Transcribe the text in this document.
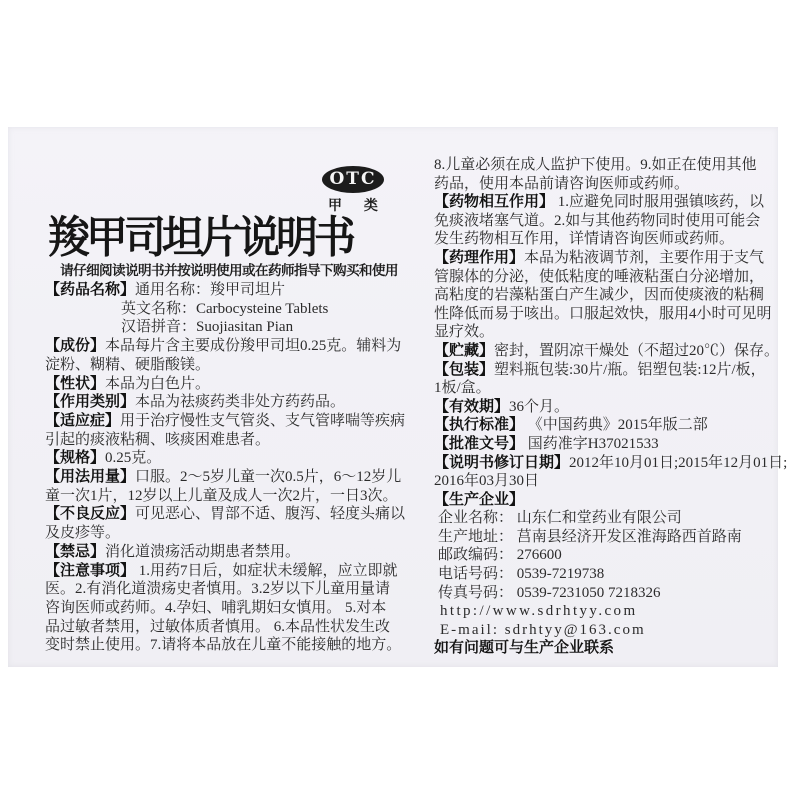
OTC
甲 类
羧甲司坦片说明书
请仔细阅读说明书并按说明使用或在药师指导下购买和使用
【药品名称】通用名称：羧甲司坦片
英文名称：Carbocysteine Tablets
汉语拼音：Suojiasitan Pian
【成份】本品每片含主要成份羧甲司坦0.25克。辅料为
淀粉、糊精、硬脂酸镁。
【性状】本品为白色片。
【作用类别】本品为祛痰药类非处方药药品。
【适应症】用于治疗慢性支气管炎、支气管哮喘等疾病
引起的痰液粘稠、咳痰困难患者。
【规格】0.25克。
【用法用量】口服。2～5岁儿童一次0.5片，6～12岁儿
童一次1片，12岁以上儿童及成人一次2片，一日3次。
【不良反应】可见恶心、胃部不适、腹泻、轻度头痛以
及皮疹等。
【禁忌】消化道溃疡活动期患者禁用。
【注意事项】 1.用药7日后，如症状未缓解，应立即就
医。2.有消化道溃疡史者慎用。3.2岁以下儿童用量请
咨询医师或药师。4.孕妇、哺乳期妇女慎用。 5.对本
品过敏者禁用，过敏体质者慎用。 6.本品性状发生改
变时禁止使用。7.请将本品放在儿童不能接触的地方。
8.儿童必须在成人监护下使用。9.如正在使用其他
药品，使用本品前请咨询医师或药师。
【药物相互作用】 1.应避免同时服用强镇咳药，以
免痰液堵塞气道。2.如与其他药物同时使用可能会
发生药物相互作用，详情请咨询医师或药师。
【药理作用】本品为粘液调节剂，主要作用于支气
管腺体的分泌，使低粘度的唾液粘蛋白分泌增加，
高粘度的岩藻粘蛋白产生减少，因而使痰液的粘稠
性降低而易于咳出。口服起效快，服用4小时可见明
显疗效。
【贮藏】密封，置阴凉干燥处（不超过20℃）保存。
【包装】塑料瓶包装:30片/瓶。铝塑包装:12片/板，
1板/盒。
【有效期】36个月。
【执行标准】 《中国药典》2015年版二部
【批准文号】 国药准字H37021533
【说明书修订日期】2012年10月01日;2015年12月01日;
2016年03月30日
【生产企业】
企业名称： 山东仁和堂药业有限公司
生产地址： 莒南县经济开发区淮海路西首路南
邮政编码： 276600
电话号码： 0539-7219738
传真号码： 0539-7231050 7218326
http://www.sdrhtyy.com
E-mail: sdrhtyy@163.com
如有问题可与生产企业联系
